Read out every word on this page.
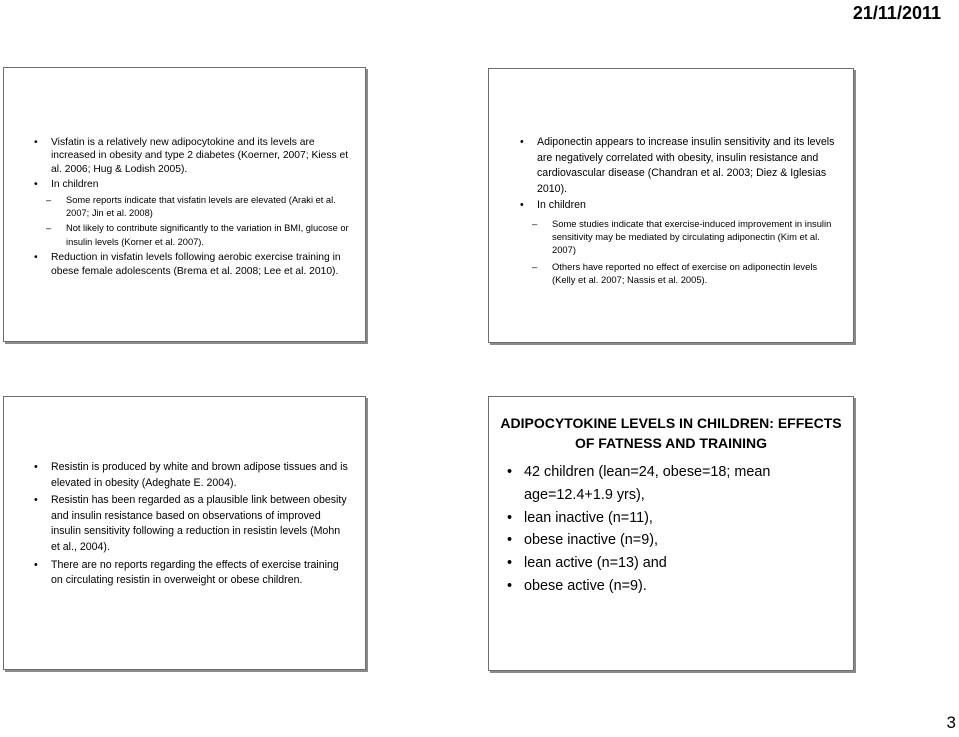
21/11/2011
• Visfatin is a relatively new adipocytokine and its levels are increased in obesity and type 2 diabetes (Koerner, 2007; Kiess et al. 2006; Hug & Lodish 2005).
• In children
– Some reports indicate that visfatin levels are elevated (Araki et al. 2007; Jin et al. 2008)
– Not likely to contribute significantly to the variation in BMI, glucose or insulin levels (Korner et al. 2007).
• Reduction in visfatin levels following aerobic exercise training in obese female adolescents (Brema et al. 2008; Lee et al. 2010).
• Adiponectin appears to increase insulin sensitivity and its levels are negatively correlated with obesity, insulin resistance and cardiovascular disease (Chandran et al. 2003; Diez & Iglesias 2010).
• In children
– Some studies indicate that exercise-induced improvement in insulin sensitivity may be mediated by circulating adiponectin (Kim et al. 2007)
– Others have reported no effect of exercise on adiponectin levels (Kelly et al. 2007; Nassis et al. 2005).
• Resistin is produced by white and brown adipose tissues and is elevated in obesity (Adeghate E. 2004).
• Resistin has been regarded as a plausible link between obesity and insulin resistance based on observations of improved insulin sensitivity following a reduction in resistin levels (Mohn et al., 2004).
• There are no reports regarding the effects of exercise training on circulating resistin in overweight or obese children.
ADIPOCYTOKINE LEVELS IN CHILDREN: EFFECTS OF FATNESS AND TRAINING
• 42 children (lean=24, obese=18; mean age=12.4+1.9 yrs),
• lean inactive (n=11),
• obese inactive (n=9),
• lean active (n=13) and
• obese active (n=9).
3
